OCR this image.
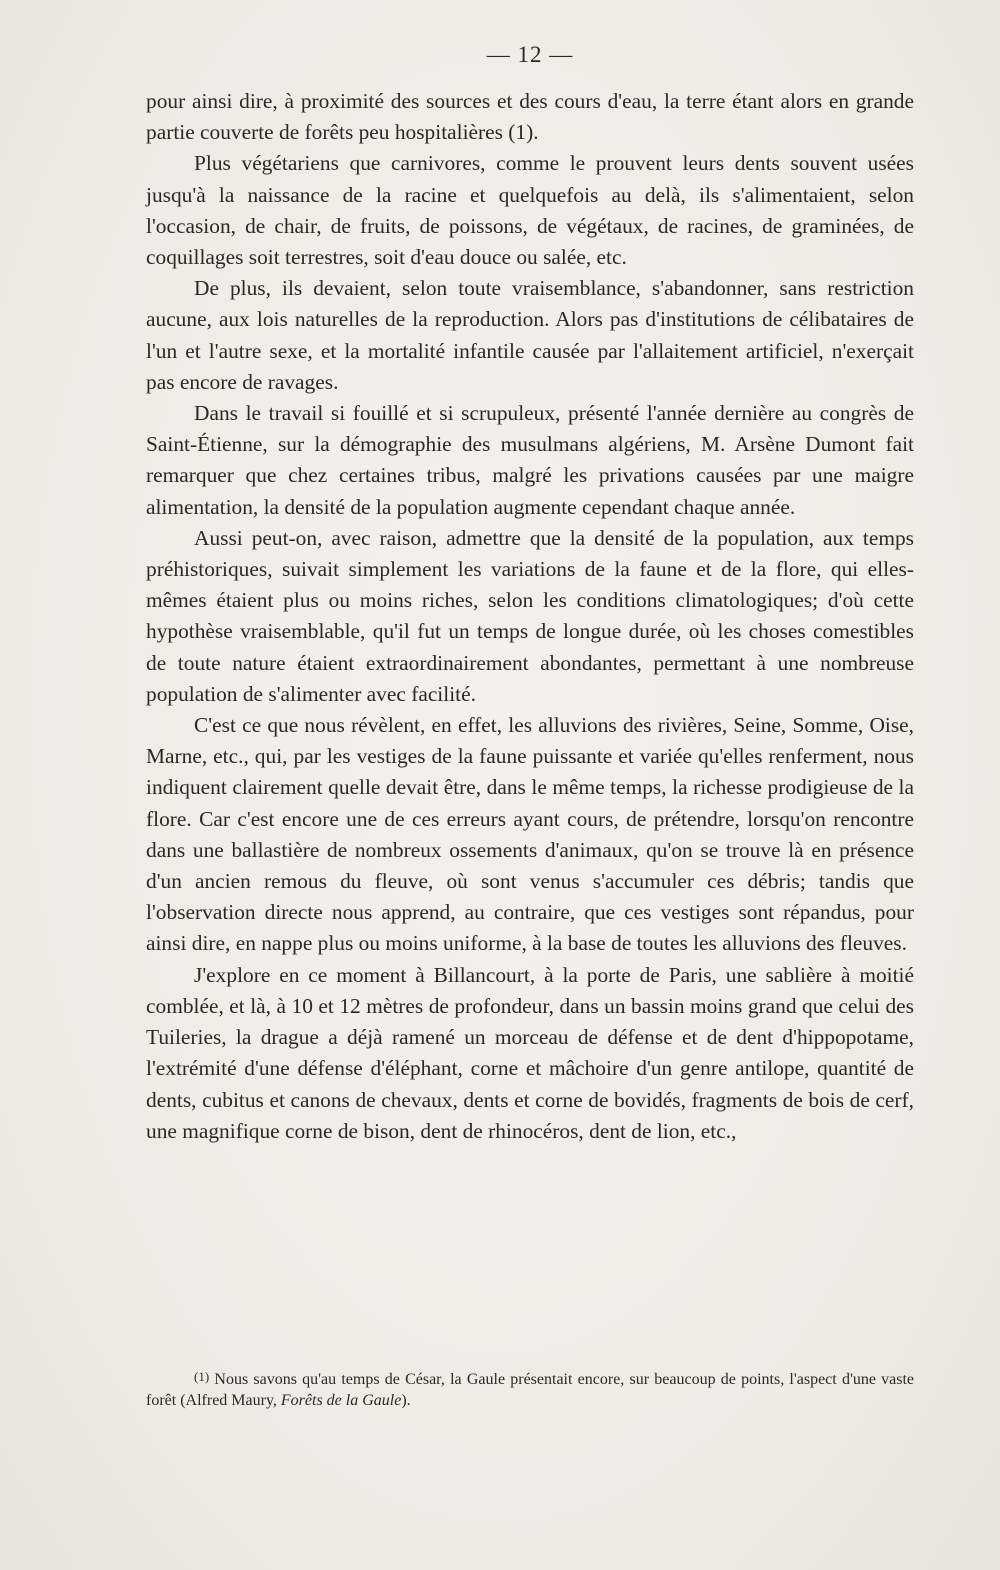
— 12 —

pour ainsi dire, à proximité des sources et des cours d'eau, la terre étant alors en grande partie couverte de forêts peu hospitalières (1).

Plus végétariens que carnivores, comme le prouvent leurs dents souvent usées jusqu'à la naissance de la racine et quelquefois au delà, ils s'alimentaient, selon l'occasion, de chair, de fruits, de poissons, de végétaux, de racines, de graminées, de coquillages soit terrestres, soit d'eau douce ou salée, etc.

De plus, ils devaient, selon toute vraisemblance, s'abandonner, sans restriction aucune, aux lois naturelles de la reproduction. Alors pas d'institutions de célibataires de l'un et l'autre sexe, et la mortalité infantile causée par l'allaitement artificiel, n'exerçait pas encore de ravages.

Dans le travail si fouillé et si scrupuleux, présenté l'année dernière au congrès de Saint-Étienne, sur la démographie des musulmans algériens, M. Arsène Dumont fait remarquer que chez certaines tribus, malgré les privations causées par une maigre alimentation, la densité de la population augmente cependant chaque année.

Aussi peut-on, avec raison, admettre que la densité de la population, aux temps préhistoriques, suivait simplement les variations de la faune et de la flore, qui elles-mêmes étaient plus ou moins riches, selon les conditions climatologiques; d'où cette hypothèse vraisemblable, qu'il fut un temps de longue durée, où les choses comestibles de toute nature étaient extraordinairement abondantes, permettant à une nombreuse population de s'alimenter avec facilité.

C'est ce que nous révèlent, en effet, les alluvions des rivières, Seine, Somme, Oise, Marne, etc., qui, par les vestiges de la faune puissante et variée qu'elles renferment, nous indiquent clairement quelle devait être, dans le même temps, la richesse prodigieuse de la flore. Car c'est encore une de ces erreurs ayant cours, de prétendre, lorsqu'on rencontre dans une ballastière de nombreux ossements d'animaux, qu'on se trouve là en présence d'un ancien remous du fleuve, où sont venus s'accumuler ces débris; tandis que l'observation directe nous apprend, au contraire, que ces vestiges sont répandus, pour ainsi dire, en nappe plus ou moins uniforme, à la base de toutes les alluvions des fleuves.

J'explore en ce moment à Billancourt, à la porte de Paris, une sablière à moitié comblée, et là, à 10 et 12 mètres de profondeur, dans un bassin moins grand que celui des Tuileries, la drague a déjà ramené un morceau de défense et de dent d'hippopotame, l'extrémité d'une défense d'éléphant, corne et mâchoire d'un genre antilope, quantité de dents, cubitus et canons de chevaux, dents et corne de bovidés, fragments de bois de cerf, une magnifique corne de bison, dent de rhinocéros, dent de lion, etc.,

(1) Nous savons qu'au temps de César, la Gaule présentait encore, sur beaucoup de points, l'aspect d'une vaste forêt (Alfred Maury, Forêts de la Gaule).
